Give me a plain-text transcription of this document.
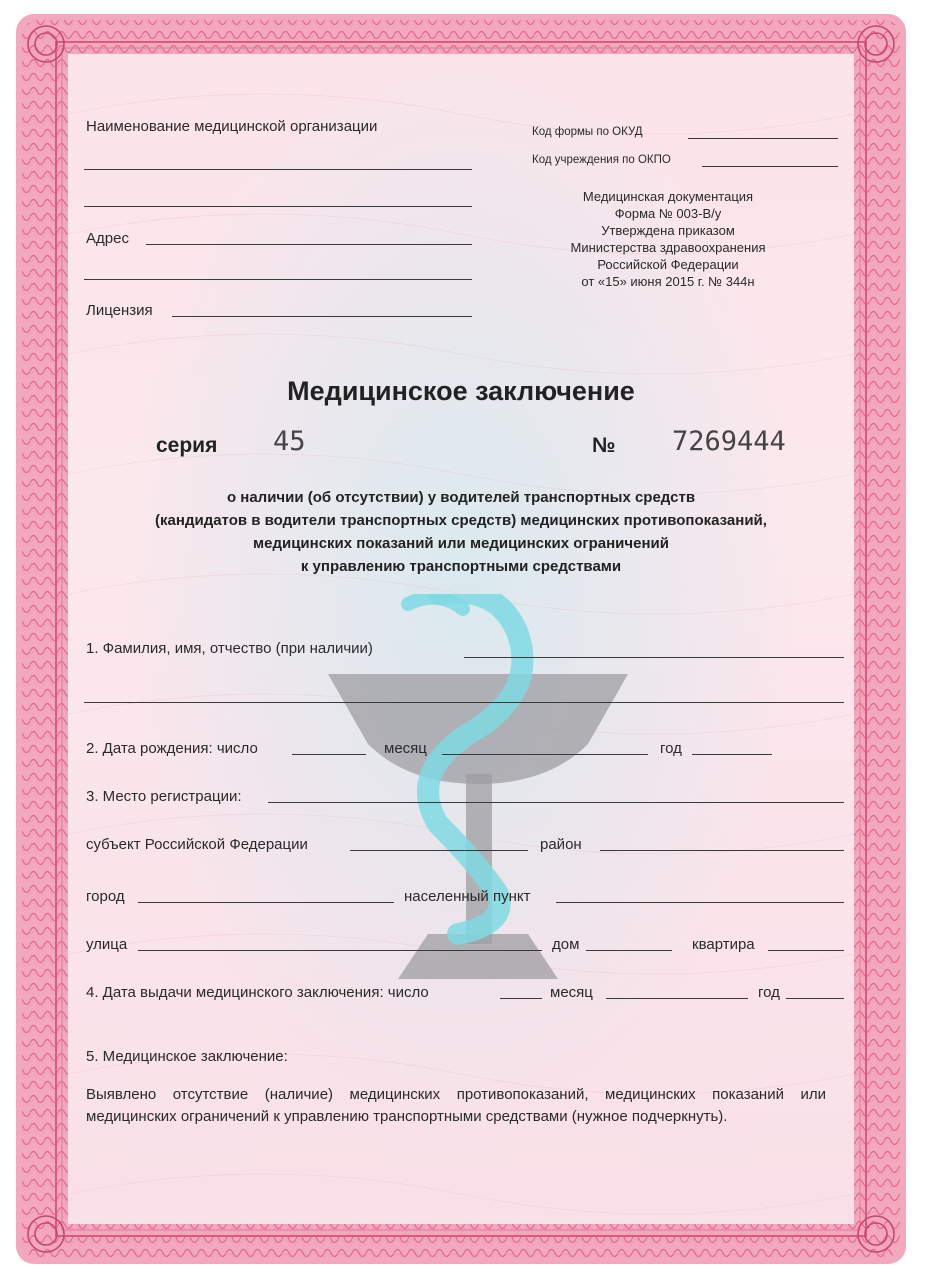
Наименование медицинской организации
Адрес
Лицензия
Код формы по ОКУД
Код учреждения по ОКПО
Медицинская документация
Форма № 003-В/у
Утверждена приказом
Министерства здравоохранения
Российской Федерации
от «15» июня 2015 г. № 344н
Медицинское заключение
серия 45	№ 7269444
о наличии (об отсутствии) у водителей транспортных средств
(кандидатов в водители транспортных средств) медицинских противопоказаний,
медицинских показаний или медицинских ограничений
к управлению транспортными средствами
1. Фамилия, имя, отчество (при наличии)
2. Дата рождения: число	месяц	год
3. Место регистрации:
субъект Российской Федерации	район
город	населенный пункт
улица	дом	квартира
4. Дата выдачи медицинского заключения: число	месяц	год
5. Медицинское заключение:
Выявлено отсутствие (наличие) медицинских противопоказаний, медицинских показаний или медицинских ограничений к управлению транспортными средствами (нужное подчеркнуть).
